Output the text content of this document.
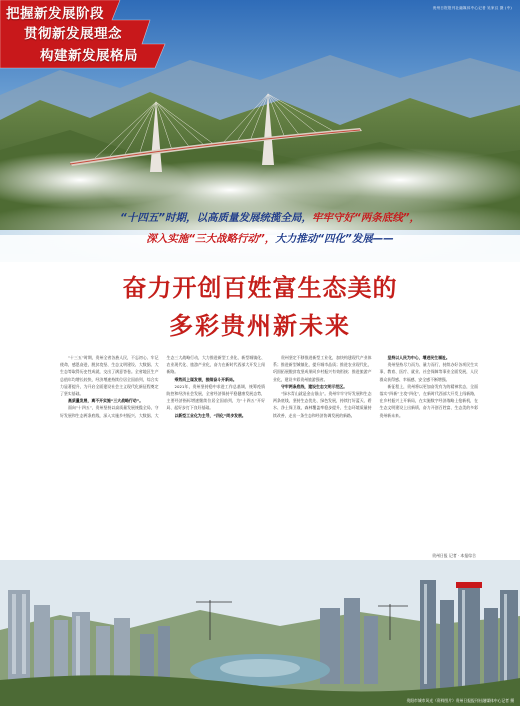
贵州日报报刊社融媒体中心记者 吴家汉 摄 (中)
把握新发展阶段
贯彻新发展理念
构建新发展格局
“十四五”时期，以高质量发展统揽全局，牢牢守好“两条底线”，
深入实施“三大战略行动”，大力推动“四化”发展——
奋力开创百姓富生态美的
多彩贵州新未来

“十三五”时期，贵州全省各族人民，不忘初心、牢记使命，感恩奋进，脱贫攻坚、生态文明建设、大数据、大生态等取得历史性成就，交出了满意答卷。全省地区生产总值年均增长较快，经济增速持续位居全国前列，综合实力显著提升，为开启全面建设社会主义现代化新征程奠定了坚实基础。

高质量发展，离不开实施“三大战略行动”。

面向“十四五”，贵州坚持以高质量发展统揽全局，守好发展和生态两条底线，深入实施乡村振兴、大数据、大生态三大战略行动，大力推进新型工业化、新型城镇化、农业现代化、旅游产业化，奋力在新时代西部大开发上闯新路。

乘势而上谋发展，接续奋斗开新局。

2021年，贵州坚持稳中求进工作总基调，统筹疫情防控和经济社会发展，全省经济保持平稳健康发展态势，主要经济指标增速继续位居全国前列，为“十四五”开好局、起好步打下良好基础。

以新型工业化为主导，“四化”同步发展。

贵州坚定不移推进新型工业化，加快构建现代产业体系；推进新型城镇化，提升城市品质；推进农业现代化，巩固拓展脱贫攻坚成果同乡村振兴有效衔接；推进旅游产业化，建设多彩贵州旅游强省。

守牢两条底线，建设生态文明示范区。

“绿水青山就是金山银山”。贵州牢牢守好发展和生态两条底线，坚持生态优先、绿色发展，持续打好蓝天、碧水、净土保卫战，森林覆盖率稳步提升，生态环境质量持续改善，走出一条生态和经济协调发展的新路。

坚持以人民为中心，增进民生福祉。

贵州坚持尽力而为、量力而行，持续办好各项民生实事，教育、医疗、就业、社会保障等事业全面发展，人民群众获得感、幸福感、安全感不断增强。

新征程上，贵州将以更加奋发有为的精神状态，全面落实“四新”主攻“四化”，在新时代西部大开发上闯新路，在乡村振兴上开新局，在实施数字经济战略上抢新机，在生态文明建设上出新绩，奋力开创百姓富、生态美的多彩贵州新未来。

贵州日报 记者 · 本报综合
贵阳市城市风光（资料图片）贵州日报报刊社融媒体中心记者 摄
